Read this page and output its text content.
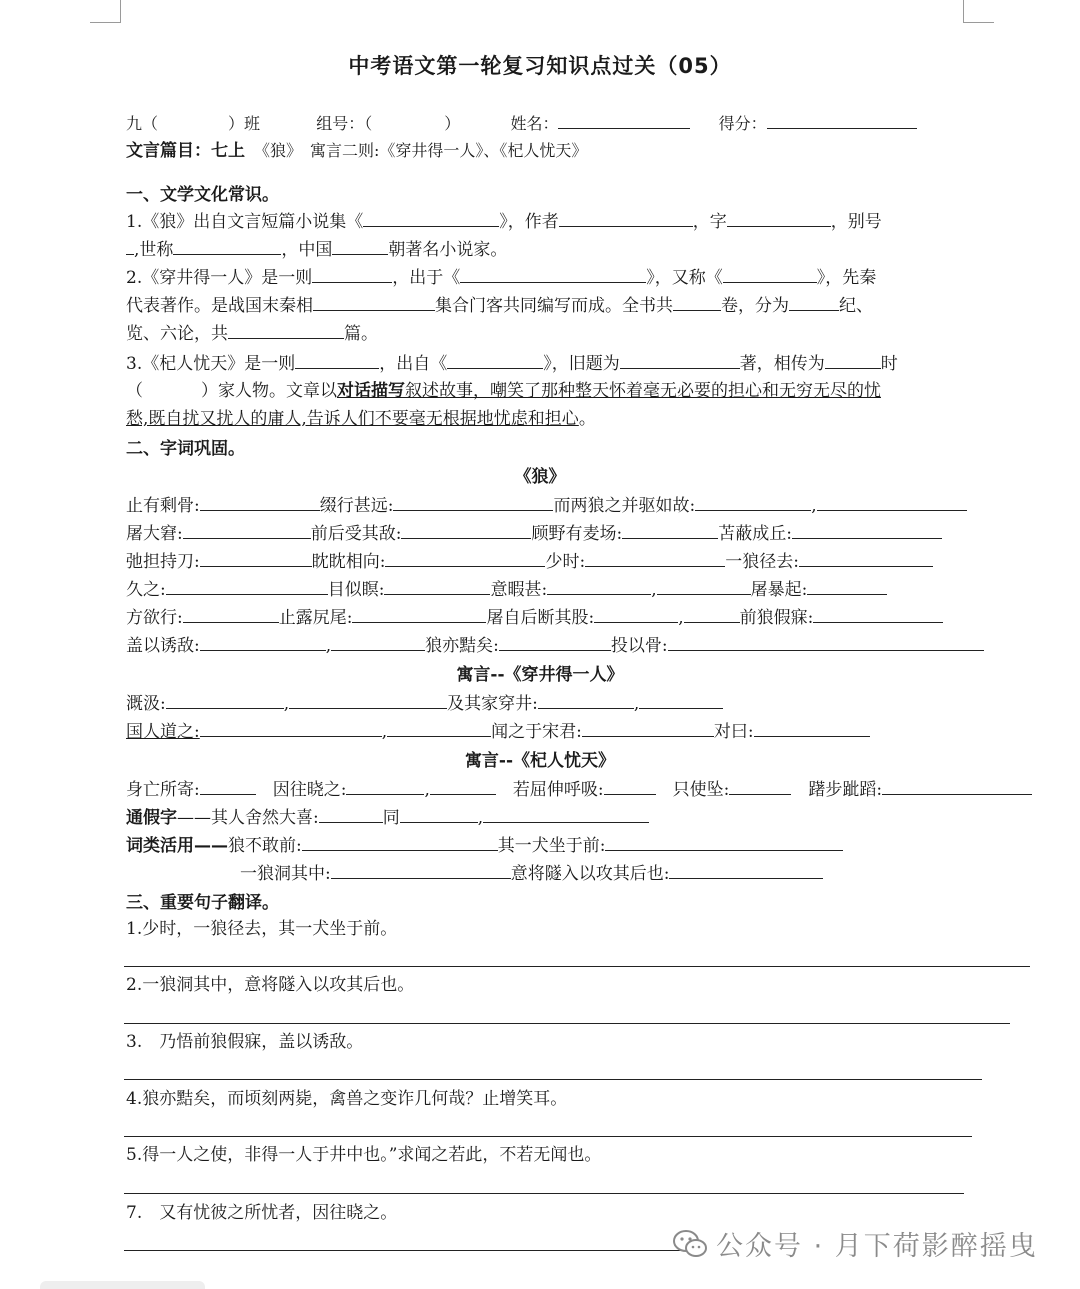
中考语文第一轮复习知识点过关（05）
九（	）班	组号：（	）	姓名：	得分：
文言篇目：七上　 《狼》　寓言二则:《穿井得一人》、《杞人忧天》
一、文学文化常识。
1.《狼》出自文言短篇小说集《	》，作者	，字	，别号
,世称	，中国	朝著名小说家。
2.《穿井得一人》是一则	，出于《	》，又称《	》，先秦
代表著作。是战国末秦相	集合门客共同编写而成。全书共	卷，分为	纪、
览、六论，共	篇。
3.《杞人忧天》是一则	，出自《	》，旧题为	著，相传为	时
（	）家人物。文章以对话描写叙述故事，嘲笑了那种整天怀着毫无必要的担心和无穷无尽的忧
愁,既自扰又扰人的庸人,告诉人们不要毫无根据地忧虑和担心。
二、字词巩固。
《狼》
止有剩骨:	缀行甚远:	而两狼之并驱如故:	,
屠大窘:	前后受其敌:	顾野有麦场:	苫蔽成丘:
弛担持刀:	眈眈相向:	少时:	一狼径去:
久之:	目似瞑:	意暇甚:	,	屠暴起:
方欲行:	止露尻尾:	屠自后断其股:	,	前狼假寐:
盖以诱敌:	,	狼亦黠矣:	投以骨:
寓言--《穿井得一人》
溉汲:	,	及其家穿井:	,
国人道之:	,	闻之于宋君:	对曰:
寓言--《杞人忧天》
身亡所寄:　	因往晓之:	,　	若屈伸呼吸:　	只使坠:　	躇步跐蹈:
通假字——其人舍然大喜:	同	,
词类活用——狼不敢前:	其一犬坐于前:
一狼洞其中:	意将隧入以攻其后也:
三、重要句子翻译。
1.少时，一狼径去，其一犬坐于前。
2.一狼洞其中，意将隧入以攻其后也。
3.　乃悟前狼假寐，盖以诱敌。
4.狼亦黠矣，而顷刻两毙，禽兽之变诈几何哉？止增笑耳。
5.得一人之使，非得一人于井中也。”求闻之若此，不若无闻也。
7.　又有忧彼之所忧者，因往晓之。
公众号 · 月下荷影醉摇曳
